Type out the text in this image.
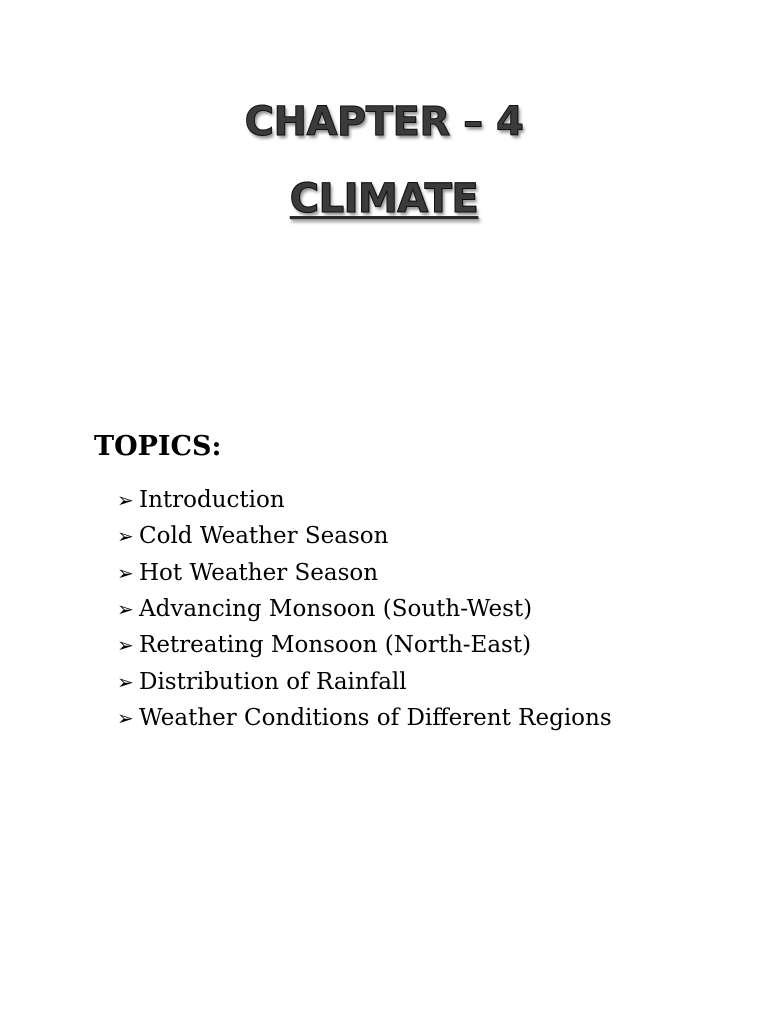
CHAPTER – 4
CLIMATE
TOPICS:
➢ Introduction
➢ Cold Weather Season
➢ Hot Weather Season
➢ Advancing Monsoon (South-West)
➢ Retreating Monsoon (North-East)
➢ Distribution of Rainfall
➢ Weather Conditions of Different Regions
